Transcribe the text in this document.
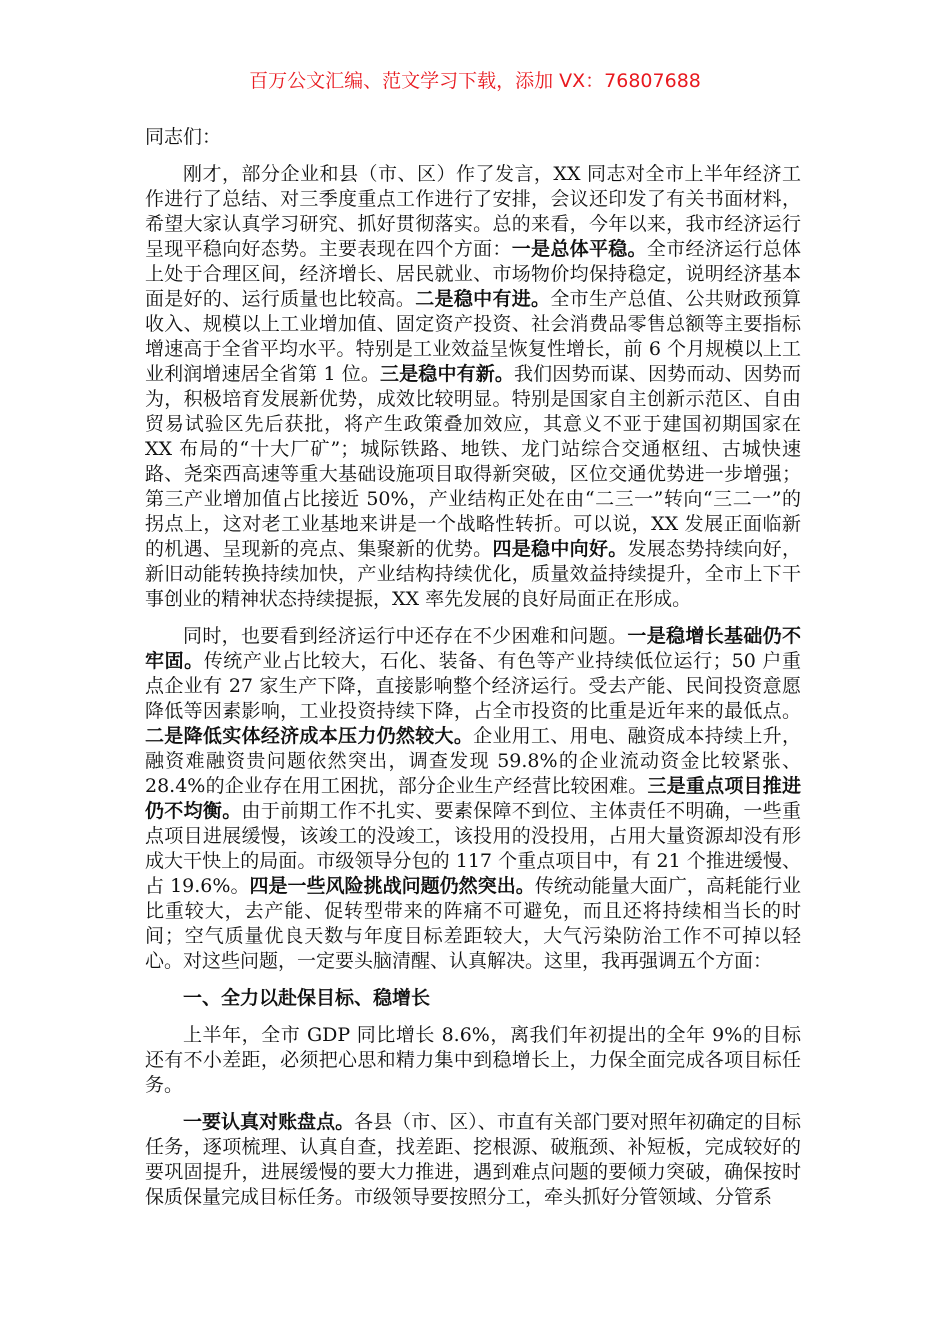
百万公文汇编、范文学习下载，添加 VX：76807688
同志们：

刚才，部分企业和县（市、区）作了发言，XX 同志对全市上半年经济工作进行了总结、对三季度重点工作进行了安排，会议还印发了有关书面材料，希望大家认真学习研究、抓好贯彻落实。总的来看，今年以来，我市经济运行呈现平稳向好态势。主要表现在四个方面：一是总体平稳。全市经济运行总体上处于合理区间，经济增长、居民就业、市场物价均保持稳定，说明经济基本面是好的、运行质量也比较高。二是稳中有进。全市生产总值、公共财政预算收入、规模以上工业增加值、固定资产投资、社会消费品零售总额等主要指标增速高于全省平均水平。特别是工业效益呈恢复性增长，前 6 个月规模以上工业利润增速居全省第 1 位。三是稳中有新。我们因势而谋、因势而动、因势而为，积极培育发展新优势，成效比较明显。特别是国家自主创新示范区、自由贸易试验区先后获批，将产生政策叠加效应，其意义不亚于建国初期国家在 XX 布局的“十大厂矿”；城际铁路、地铁、龙门站综合交通枢纽、古城快速路、尧栾西高速等重大基础设施项目取得新突破，区位交通优势进一步增强；第三产业增加值占比接近 50%，产业结构正处在由“二三一”转向“三二一”的拐点上，这对老工业基地来讲是一个战略性转折。可以说，XX 发展正面临新的机遇、呈现新的亮点、集聚新的优势。四是稳中向好。发展态势持续向好，新旧动能转换持续加快，产业结构持续优化，质量效益持续提升，全市上下干事创业的精神状态持续提振，XX 率先发展的良好局面正在形成。

同时，也要看到经济运行中还存在不少困难和问题。一是稳增长基础仍不牢固。传统产业占比较大，石化、装备、有色等产业持续低位运行；50 户重点企业有 27 家生产下降，直接影响整个经济运行。受去产能、民间投资意愿降低等因素影响，工业投资持续下降，占全市投资的比重是近年来的最低点。二是降低实体经济成本压力仍然较大。企业用工、用电、融资成本持续上升，融资难融资贵问题依然突出，调查发现 59.8%的企业流动资金比较紧张、28.4%的企业存在用工困扰，部分企业生产经营比较困难。三是重点项目推进仍不均衡。由于前期工作不扎实、要素保障不到位、主体责任不明确，一些重点项目进展缓慢，该竣工的没竣工，该投用的没投用，占用大量资源却没有形成大干快上的局面。市级领导分包的 117 个重点项目中，有 21 个推进缓慢、占 19.6%。四是一些风险挑战问题仍然突出。传统动能量大面广，高耗能行业比重较大，去产能、促转型带来的阵痛不可避免，而且还将持续相当长的时间；空气质量优良天数与年度目标差距较大，大气污染防治工作不可掉以轻心。对这些问题，一定要头脑清醒、认真解决。这里，我再强调五个方面：

一、全力以赴保目标、稳增长

上半年，全市 GDP 同比增长 8.6%，离我们年初提出的全年 9%的目标还有不小差距，必须把心思和精力集中到稳增长上，力保全面完成各项目标任务。

一要认真对账盘点。各县（市、区）、市直有关部门要对照年初确定的目标任务，逐项梳理、认真自查，找差距、挖根源、破瓶颈、补短板，完成较好的要巩固提升，进展缓慢的要大力推进，遇到难点问题的要倾力突破，确保按时保质保量完成目标任务。市级领导要按照分工，牵头抓好分管领域、分管系
